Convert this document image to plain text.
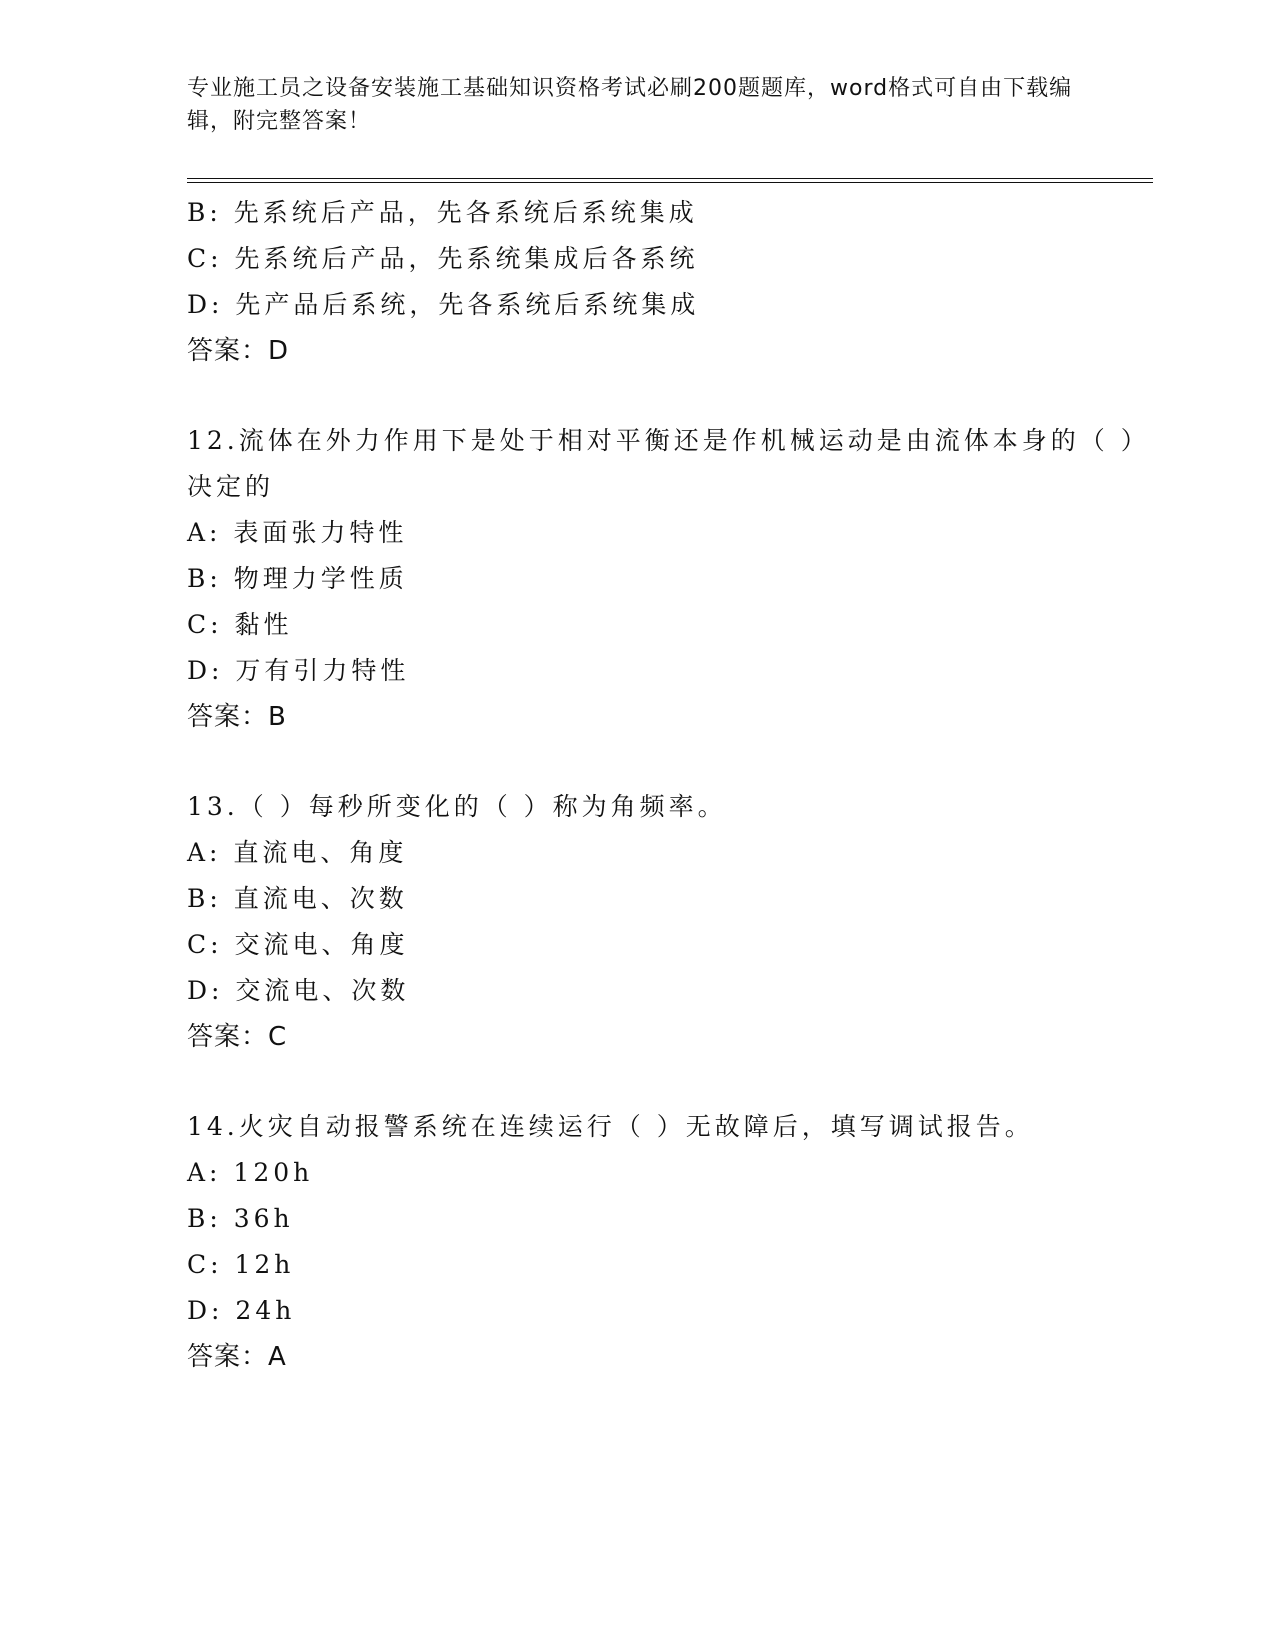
专业施工员之设备安装施工基础知识资格考试必刷200题题库，word格式可自由下载编辑，附完整答案！
B: 先系统后产品，先各系统后系统集成
C: 先系统后产品，先系统集成后各系统
D: 先产品后系统，先各系统后系统集成
答案：D
12.流体在外力作用下是处于相对平衡还是作机械运动是由流体本身的（ ）决定的
A: 表面张力特性
B: 物理力学性质
C: 黏性
D: 万有引力特性
答案：B
13.（ ）每秒所变化的（ ）称为角频率。
A: 直流电、角度
B: 直流电、次数
C: 交流电、角度
D: 交流电、次数
答案：C
14.火灾自动报警系统在连续运行（ ）无故障后，填写调试报告。
A: 120h
B: 36h
C: 12h
D: 24h
答案：A
